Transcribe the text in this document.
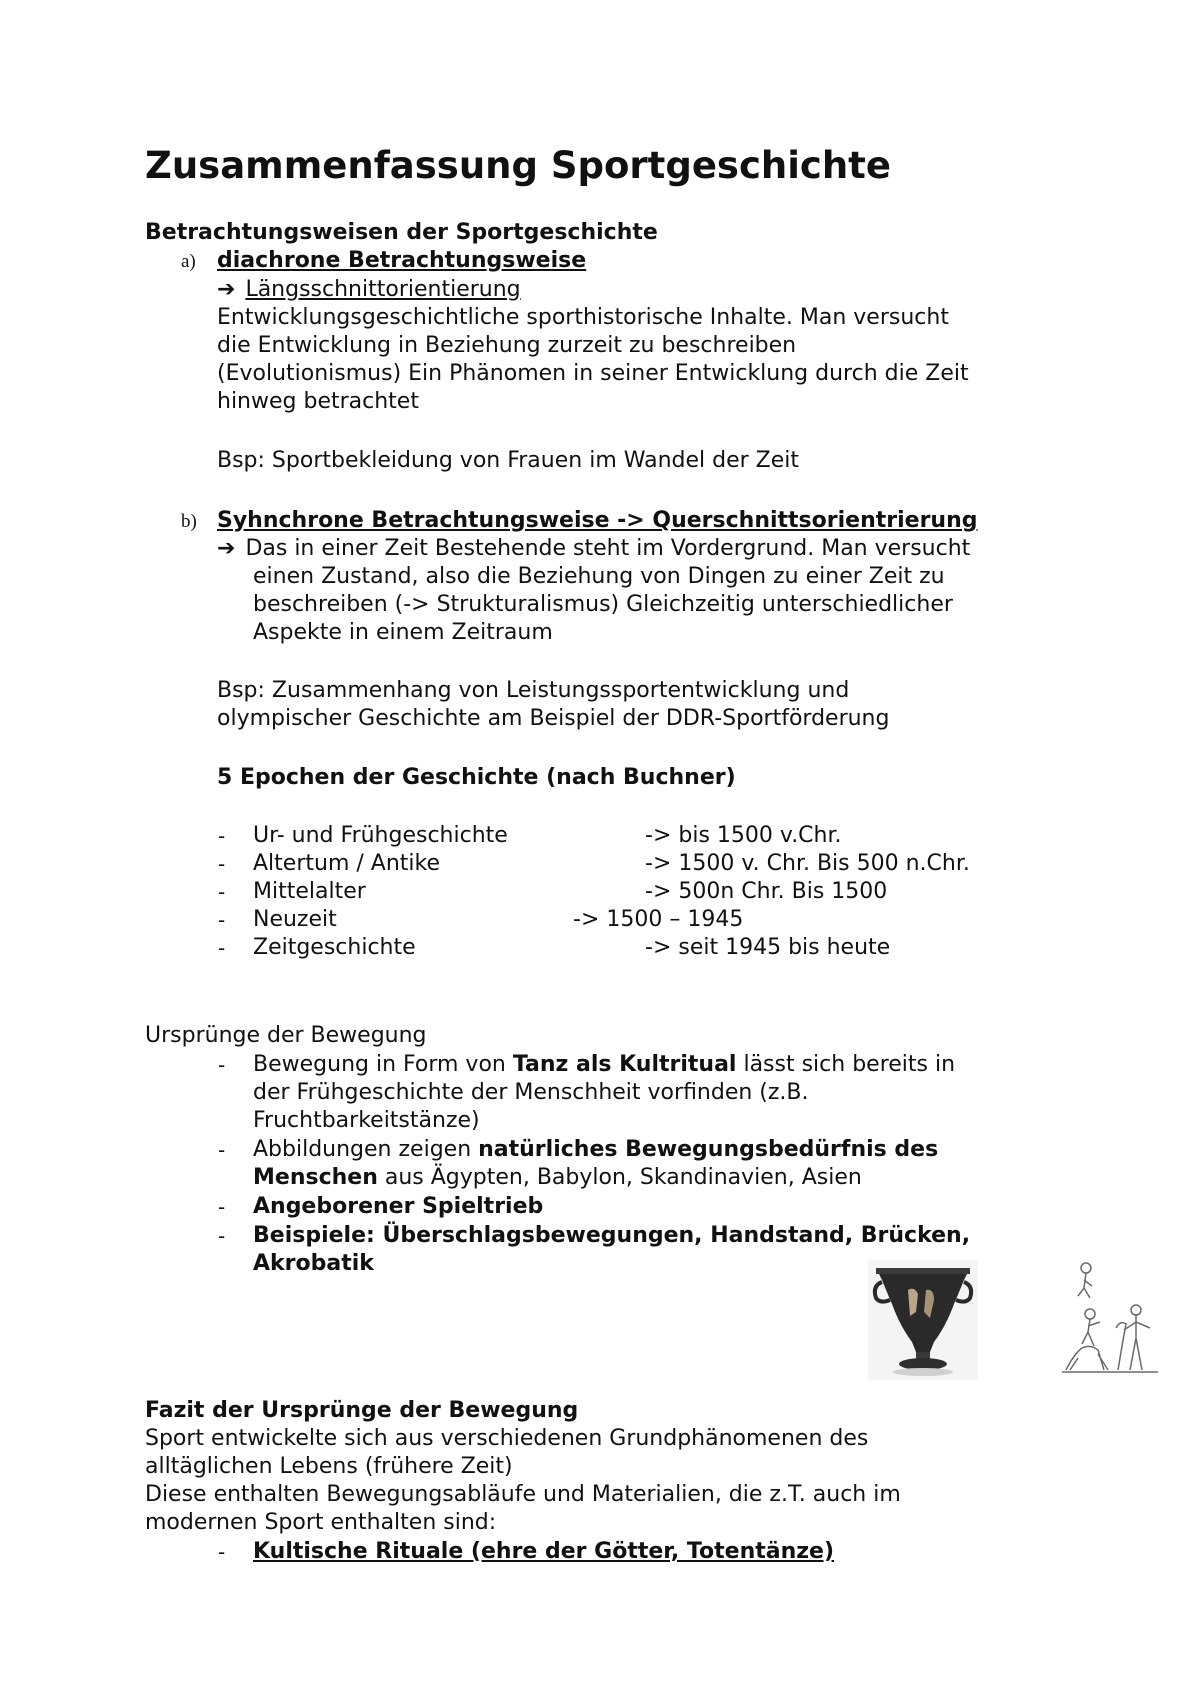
Zusammenfassung Sportgeschichte
Betrachtungsweisen der Sportgeschichte
a) diachrone Betrachtungsweise
➔ Längsschnittorientierung
Entwicklungsgeschichtliche sporthistorische Inhalte. Man versucht
die Entwicklung in Beziehung zurzeit zu beschreiben
(Evolutionismus) Ein Phänomen in seiner Entwicklung durch die Zeit
hinweg betrachtet
Bsp: Sportbekleidung von Frauen im Wandel der Zeit
b) Syhnchrone Betrachtungsweise -> Querschnittsorientrierung
➔ Das in einer Zeit Bestehende steht im Vordergrund. Man versucht
einen Zustand, also die Beziehung von Dingen zu einer Zeit zu
beschreiben (-> Strukturalismus) Gleichzeitig unterschiedlicher
Aspekte in einem Zeitraum
Bsp: Zusammenhang von Leistungssportentwicklung und
olympischer Geschichte am Beispiel der DDR-Sportförderung
5 Epochen der Geschichte (nach Buchner)
- Ur- und Frühgeschichte	-> bis 1500 v.Chr.
- Altertum / Antike	-> 1500 v. Chr. Bis 500 n.Chr.
- Mittelalter	-> 500n Chr. Bis 1500
- Neuzeit	-> 1500 – 1945
- Zeitgeschichte	-> seit 1945 bis heute
Ursprünge der Bewegung
- Bewegung in Form von Tanz als Kultritual lässt sich bereits in
der Frühgeschichte der Menschheit vorfinden (z.B.
Fruchtbarkeitstänze)
- Abbildungen zeigen natürliches Bewegungsbedürfnis des
Menschen aus Ägypten, Babylon, Skandinavien, Asien
- Angeborener Spieltrieb
- Beispiele: Überschlagsbewegungen, Handstand, Brücken,
Akrobatik
Fazit der Ursprünge der Bewegung
Sport entwickelte sich aus verschiedenen Grundphänomenen des
alltäglichen Lebens (frühere Zeit)
Diese enthalten Bewegungsabläufe und Materialien, die z.T. auch im
modernen Sport enthalten sind:
- Kultische Rituale (ehre der Götter, Totentänze)
